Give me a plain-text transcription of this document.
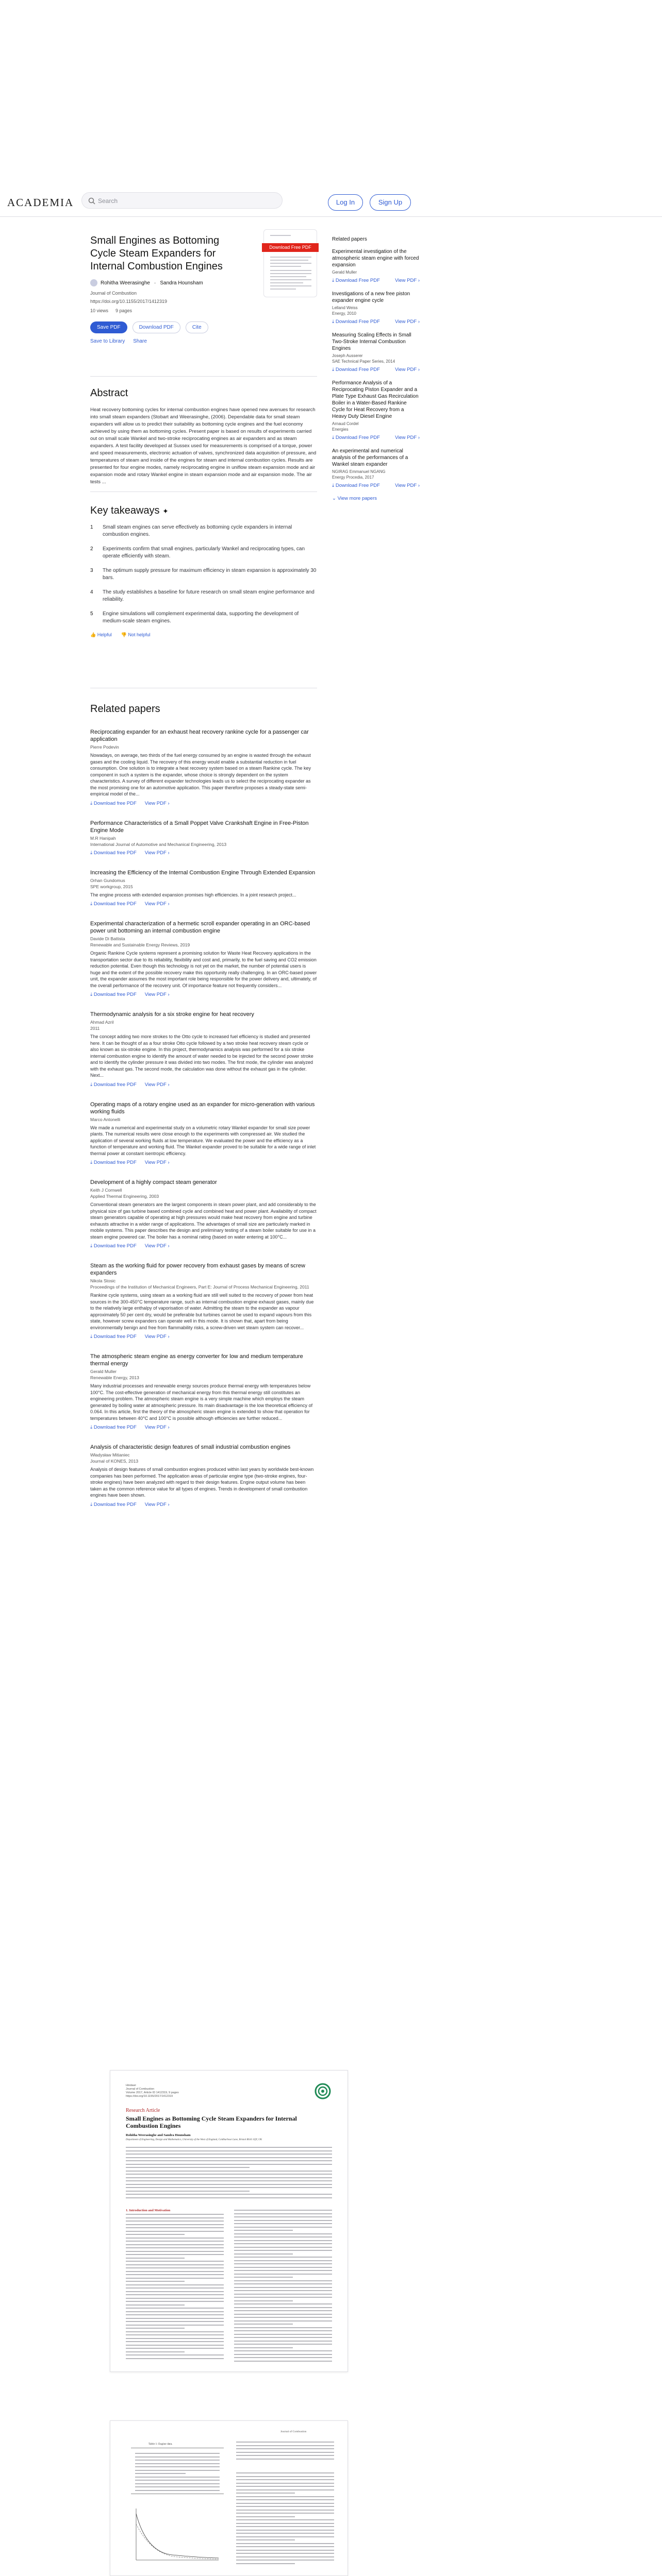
ACADEMIA	Search	Log In	Sign Up
Small Engines as Bottoming Cycle Steam Expanders for Internal Combustion Engines
Rohitha Weerasinghe · Sandra Hounsham
Journal of Combustion
https://doi.org/10.1155/2017/1412319
10 views 9 pages
Save PDF	Download PDF	Cite
Save to Library Share
Download Free PDF
Abstract

Heat recovery bottoming cycles for internal combustion engines have opened new avenues for research into small steam expanders (Stobart and Weerasinghe, (2006). Dependable data for small steam expanders will allow us to predict their suitability as bottoming cycle engines and the fuel economy achieved by using them as bottoming cycles. Present paper is based on results of experiments carried out on small scale Wankel and two-stroke reciprocating engines as air expanders and as steam expanders. A test facility developed at Sussex used for measurements is comprised of a torque, power and speed measurements, electronic actuation of valves, synchronized data acquisition of pressure, and temperatures of steam and inside of the engines for steam and internal combustion cycles. Results are presented for four engine modes, namely reciprocating engine in uniflow steam expansion mode and air expansion mode and rotary Wankel engine in steam expansion mode and air expansion mode. The air tests ...

Key takeaways ✦
1	Small steam engines can serve effectively as bottoming cycle expanders in internal combustion engines.
2	Experiments confirm that small engines, particularly Wankel and reciprocating types, can operate efficiently with steam.
3	The optimum supply pressure for maximum efficiency in steam expansion is approximately 30 bars.
4	The study establishes a baseline for future research on small steam engine performance and reliability.
5	Engine simulations will complement experimental data, supporting the development of medium-scale steam engines.
👍 Helpful 👎 Not helpful
Related papers
Reciprocating expander for an exhaust heat recovery rankine cycle for a passenger car application
Pierre Podevin
Nowadays, on average, two thirds of the fuel energy consumed by an engine is wasted through the exhaust gases and the cooling liquid. The recovery of this energy would enable a substantial reduction in fuel consumption. One solution is to integrate a heat recovery system based on a steam Rankine cycle. The key component in such a system is the expander, whose choice is strongly dependent on the system characteristics. A survey of different expander technologies leads us to select the reciprocating expander as the most promising one for an automotive application. This paper therefore proposes a steady-state semi-empirical model of the...
⤓ Download free PDF View PDF ›
Performance Characteristics of a Small Poppet Valve Crankshaft Engine in Free-Piston Engine Mode
M.R Hanipah
International Journal of Automotive and Mechanical Engineering, 2013
⤓ Download free PDF View PDF ›
Increasing the Efficiency of the Internal Combustion Engine Through Extended Expansion
Orhan Gundomus
SPE workgroup, 2015
The engine process with extended expansion promises high efficiencies. In a joint research project...
⤓ Download free PDF View PDF ›
Experimental characterization of a hermetic scroll expander operating in an ORC-based power unit bottoming an internal combustion engine
Davide Di Battista
Renewable and Sustainable Energy Reviews, 2019
Organic Rankine Cycle systems represent a promising solution for Waste Heat Recovery applications in the transportation sector due to its reliability, flexibility and cost and, primarily, to the fuel saving and CO2 emission reduction potential. Even though this technology is not yet on the market, the number of potential users is huge and the extent of the possible recovery make this opportunity really challenging. In an ORC-based power unit, the expander assumes the most important role being responsible for the power delivery and, ultimately, of the overall performance of the recovery unit. Of importance feature not frequently considers...
⤓ Download free PDF View PDF ›
Thermodynamic analysis for a six stroke engine for heat recovery
Ahmad Azril
2011
The concept adding two more strokes to the Otto cycle to increased fuel efficiency is studied and presented here. It can be thought of as a four stroke Otto cycle followed by a two stroke heat recovery steam cycle or also known as six-stroke engine. In this project, thermodynamics analysis was performed for a six stroke internal combustion engine to identify the amount of water needed to be injected for the second power stroke and to identify the cylinder pressure it was divided into two modes. The first mode, the cylinder was analyzed with the exhaust gas. The second mode, the calculation was done without the exhaust gas in the cylinder. Next...
⤓ Download free PDF View PDF ›
Operating maps of a rotary engine used as an expander for micro-generation with various working fluids
Marco Antonelli
We made a numerical and experimental study on a volumetric rotary Wankel expander for small size power plants. The numerical results were close enough to the experiments with compressed air. We studied the application of several working fluids at low temperature. We evaluated the power and the efficiency as a function of temperature and working fluid. The Wankel expander proved to be suitable for a wide range of inlet thermal power at constant isentropic efficiency.
⤓ Download free PDF View PDF ›
Development of a highly compact steam generator
Keith J Cornwell
Applied Thermal Engineering, 2003
Conventional steam generators are the largest components in steam power plant, and add considerably to the physical size of gas turbine based combined cycle and combined heat and power plant. Availability of compact steam generators capable of operating at high pressures would make heat recovery from engine and turbine exhausts attractive in a wider range of applications. The advantages of small size are particularly marked in mobile systems. This paper describes the design and preliminary testing of a steam boiler suitable for use in a steam engine powered car. The boiler has a nominal rating (based on water entering at 100°C...
⤓ Download free PDF View PDF ›
Steam as the working fluid for power recovery from exhaust gases by means of screw expanders
Nikola Stosic
Proceedings of the Institution of Mechanical Engineers, Part E: Journal of Process Mechanical Engineering, 2011
Rankine cycle systems, using steam as a working fluid are still well suited to the recovery of power from heat sources in the 300-450°C temperature range, such as internal combustion engine exhaust gases, mainly due to the relatively large enthalpy of vaporisation of water. Admitting the steam to the expander as vapour approximately 50 per cent dry, would be preferable but turbines cannot be used to expand vapours from this state, however screw expanders can operate well in this mode. It is shown that, apart from being environmentally benign and free from flammability risks, a screw-driven wet steam system can recover...
⤓ Download free PDF View PDF ›
The atmospheric steam engine as energy converter for low and medium temperature thermal energy
Gerald Muller
Renewable Energy, 2013
Many industrial processes and renewable energy sources produce thermal energy with temperatures below 100°C. The cost-effective generation of mechanical energy from this thermal energy still constitutes an engineering problem. The atmospheric steam engine is a very simple machine which employs the steam generated by boiling water at atmospheric pressure. Its main disadvantage is the low theoretical efficiency of 0.064. In this article, first the theory of the atmospheric steam engine is extended to show that operation for temperatures between 40°C and 100°C is possible although efficiencies are further reduced...
⤓ Download free PDF View PDF ›
Analysis of characteristic design features of small industrial combustion engines
Władysław Mitianiec
Journal of KONES, 2013
Analysis of design features of small combustion engines produced within last years by worldwide best-known companies has been performed. The application areas of particular engine type (two-stroke engines, four-stroke engines) have been analyzed with regard to their design features. Engine output volume has been taken as the common reference value for all types of engines. Trends in development of small combustion engines have been shown.
⤓ Download free PDF View PDF ›
Related papers
Experimental investigation of the atmospheric steam engine with forced expansion
Gerald Muller
⤓ Download Free PDF	View PDF ›
Investigations of a new free piston expander engine cycle
Lelland Weiss
Energy, 2010
⤓ Download Free PDF	View PDF ›
Measuring Scaling Effects in Small Two-Stroke Internal Combustion Engines
Joseph Ausserer
SAE Technical Paper Series, 2014
⤓ Download Free PDF	View PDF ›
Performance Analysis of a Reciprocating Piston Expander and a Plate Type Exhaust Gas Recirculation Boiler in a Water-Based Rankine Cycle for Heat Recovery from a Heavy Duty Diesel Engine
Arnaud Cordel
Energies
⤓ Download Free PDF	View PDF ›
An experimental and numerical analysis of the performances of a Wankel steam expander
NGIRAG Emmanuel NGANG
Energy Procedia, 2017
⤓ Download Free PDF	View PDF ›
⌄ View more papers
Hindawi
Journal of Combustion
Volume 2017, Article ID 1412319, 9 pages
https://doi.org/10.1155/2017/1412319
Research Article
Small Engines as Bottoming Cycle Steam Expanders for Internal Combustion Engines
Rohitha Weerasinghe and Sandra Hounsham
Department of Engineering, Design and Mathematics, University of the West of England, Coldharbour Lane, Bristol BS16 1QY, UK
1. Introduction and Motivation
Journal of Combustion
Table 1: Engine data.
